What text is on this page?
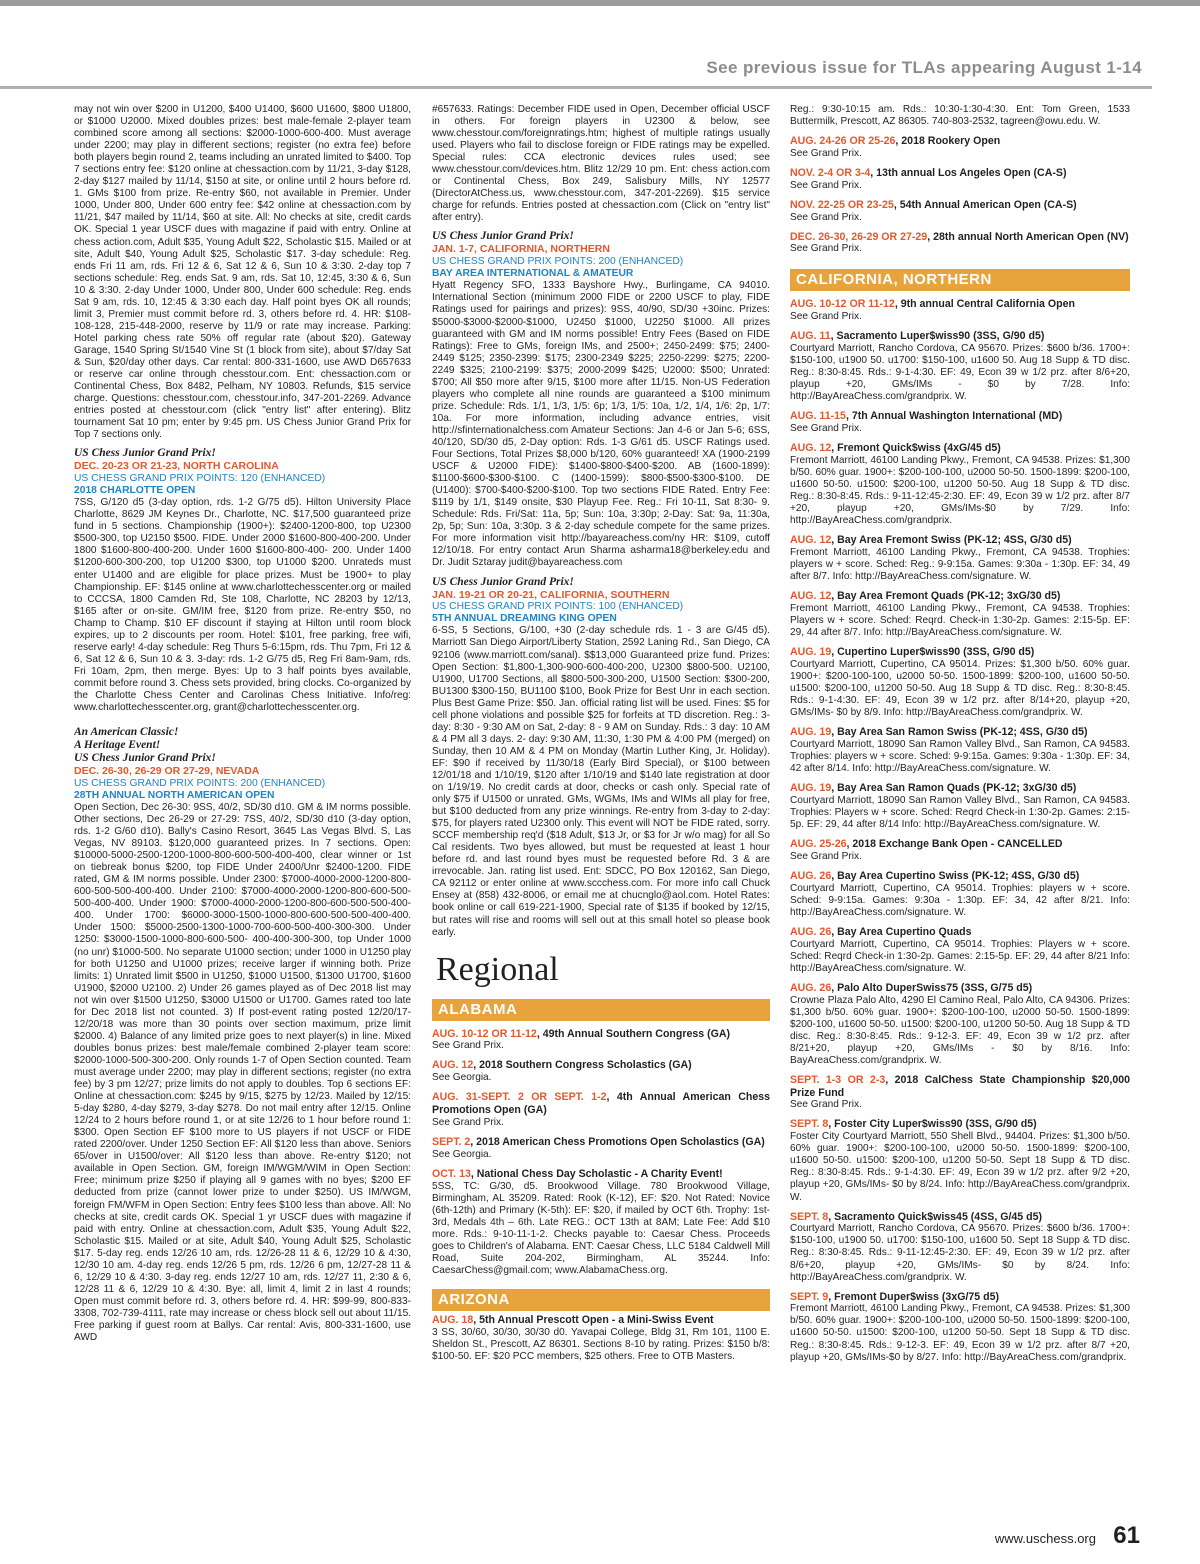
See previous issue for TLAs appearing August 1-14

may not win over $200 in U1200, $400 U1400, $600 U1600, $800 U1800, or $1000 U2000. Mixed doubles prizes: best male-female 2-player team combined score among all sections: $2000-1000-600-400. Must average under 2200; may play in different sections; register (no extra fee) before both players begin round 2, teams including an unrated limited to $400. Top 7 sections entry fee: $120 online at chessaction.com by 11/21, 3-day $128, 2-day $127 mailed by 11/14, $150 at site, or online until 2 hours before rd. 1. GMs $100 from prize. Re-entry $60, not available in Premier. Under 1000, Under 800, Under 600 entry fee: $42 online at chessaction.com by 11/21, $47 mailed by 11/14, $60 at site. All: No checks at site, credit cards OK. Special 1 year USCF dues with magazine if paid with entry. Online at chess action.com, Adult $35, Young Adult $22, Scholastic $15. Mailed or at site, Adult $40, Young Adult $25, Scholastic $17. 3-day schedule: Reg. ends Fri 11 am, rds. Fri 12 & 6, Sat 12 & 6, Sun 10 & 3:30. 2-day top 7 sections schedule: Reg. ends Sat. 9 am, rds. Sat 10, 12:45, 3:30 & 6, Sun 10 & 3:30. 2-day Under 1000, Under 800, Under 600 schedule: Reg. ends Sat 9 am, rds. 10, 12:45 & 3:30 each day. Half point byes OK all rounds; limit 3, Premier must commit before rd. 3, others before rd. 4. HR: $108-108-128, 215-448-2000, reserve by 11/9 or rate may increase. Parking: Hotel parking chess rate 50% off regular rate (about $20). Gateway Garage, 1540 Spring St/1540 Vine St (1 block from site), about $7/day Sat & Sun, $20/day other days. Car rental: 800-331-1600, use AWD D657633 or reserve car online through chesstour.com. Ent: chessaction.com or Continental Chess, Box 8482, Pelham, NY 10803. Refunds, $15 service charge. Questions: chesstour.com, chesstour.info, 347-201-2269. Advance entries posted at chesstour.com (click "entry list" after entering). Blitz tournament Sat 10 pm; enter by 9:45 pm. US Chess Junior Grand Prix for Top 7 sections only.

US Chess Junior Grand Prix!
DEC. 20-23 OR 21-23, NORTH CAROLINA
US CHESS GRAND PRIX POINTS: 120 (ENHANCED)
2018 CHARLOTTE OPEN

7SS, G/120 d5 (3-day option, rds. 1-2 G/75 d5). Hilton University Place Charlotte, 8629 JM Keynes Dr., Charlotte, NC. $17,500 guaranteed prize fund in 5 sections. Championship (1900+): $2400-1200-800, top U2300 $500-300, top U2150 $500. FIDE. Under 2000 $1600-800-400-200. Under 1800 $1600-800-400-200. Under 1600 $1600-800-400- 200. Under 1400 $1200-600-300-200, top U1200 $300, top U1000 $200. Unrateds must enter U1400 and are eligible for place prizes. Must be 1900+ to play Championship. EF: $145 online at www.charlottechesscenter.org or mailed to CCCSA, 1800 Camden Rd, Ste 108, Charlotte, NC 28203 by 12/13, $165 after or on-site. GM/IM free, $120 from prize. Re-entry $50, no Champ to Champ. $10 EF discount if staying at Hilton until room block expires, up to 2 discounts per room. Hotel: $101, free parking, free wifi, reserve early! 4-day schedule: Reg Thurs 5-6:15pm, rds. Thu 7pm, Fri 12 & 6, Sat 12 & 6, Sun 10 & 3. 3-day: rds. 1-2 G/75 d5, Reg Fri 8am-9am, rds. Fri 10am, 2pm, then merge. Byes: Up to 3 half points byes available, commit before round 3. Chess sets provided, bring clocks. Co-organized by the Charlotte Chess Center and Carolinas Chess Initiative. Info/reg: www.charlottechesscenter.org, grant@charlottechesscenter.org.

An American Classic!
A Heritage Event!
US Chess Junior Grand Prix!
DEC. 26-30, 26-29 OR 27-29, NEVADA
US CHESS GRAND PRIX POINTS: 200 (ENHANCED)
28TH ANNUAL NORTH AMERICAN OPEN

Open Section, Dec 26-30: 9SS, 40/2, SD/30 d10. GM & IM norms possible. Other sections, Dec 26-29 or 27-29: 7SS, 40/2, SD/30 d10 (3-day option, rds. 1-2 G/60 d10). Bally's Casino Resort, 3645 Las Vegas Blvd. S, Las Vegas, NV 89103. $120,000 guaranteed prizes. In 7 sections. Open: $10000-5000-2500-1200-1000-800-600-500-400-400, clear winner or 1st on tiebreak bonus $200, top FIDE Under 2400/Unr $2400-1200. FIDE rated, GM & IM norms possible. Under 2300: $7000-4000-2000-1200-800-600-500-500-400-400. Under 2100: $7000-4000-2000-1200-800-600-500-500-400-400. Under 1900: $7000-4000-2000-1200-800-600-500-500-400-400. Under 1700: $6000-3000-1500-1000-800-600-500-500-400-400. Under 1500: $5000-2500-1300-1000-700-600-500-400-300-300. Under 1250: $3000-1500-1000-800-600-500- 400-400-300-300, top Under 1000 (no unr) $1000-500. No separate U1000 section; under 1000 in U1250 play for both U1250 and U1000 prizes; receive larger if winning both. Prize limits: 1) Unrated limit $500 in U1250, $1000 U1500, $1300 U1700, $1600 U1900, $2000 U2100. 2) Under 26 games played as of Dec 2018 list may not win over $1500 U1250, $3000 U1500 or U1700. Games rated too late for Dec 2018 list not counted. 3) If post-event rating posted 12/20/17-12/20/18 was more than 30 points over section maximum, prize limit $2000. 4) Balance of any limited prize goes to next player(s) in line. Mixed doubles bonus prizes: best male/female combined 2-player team score: $2000-1000-500-300-200. Only rounds 1-7 of Open Section counted. Team must average under 2200; may play in different sections; register (no extra fee) by 3 pm 12/27; prize limits do not apply to doubles. Top 6 sections EF: Online at chessaction.com: $245 by 9/15, $275 by 12/23. Mailed by 12/15: 5-day $280, 4-day $279, 3-day $278. Do not mail entry after 12/15. Online 12/24 to 2 hours before round 1, or at site 12/26 to 1 hour before round 1: $300. Open Section EF $100 more to US players if not USCF or FIDE rated 2200/over. Under 1250 Section EF: All $120 less than above. Seniors 65/over in U1500/over: All $120 less than above. Re-entry $120; not available in Open Section. GM, foreign IM/WGM/WIM in Open Section: Free; minimum prize $250 if playing all 9 games with no byes; $200 EF deducted from prize (cannot lower prize to under $250). US IM/WGM, foreign FM/WFM in Open Section: Entry fees $100 less than above. All: No checks at site, credit cards OK. Special 1 yr USCF dues with magazine if paid with entry. Online at chessaction.com, Adult $35, Young Adult $22, Scholastic $15. Mailed or at site, Adult $40, Young Adult $25, Scholastic $17. 5-day reg. ends 12/26 10 am, rds. 12/26-28 11 & 6, 12/29 10 & 4:30, 12/30 10 am. 4-day reg. ends 12/26 5 pm, rds. 12/26 6 pm, 12/27-28 11 & 6, 12/29 10 & 4:30. 3-day reg. ends 12/27 10 am, rds. 12/27 11, 2:30 & 6, 12/28 11 & 6, 12/29 10 & 4:30. Bye: all, limit 4, limit 2 in last 4 rounds; Open must commit before rd. 3, others before rd. 4. HR: $99-99, 800-833-3308, 702-739-4111, rate may increase or chess block sell out about 11/15. Free parking if guest room at Ballys. Car rental: Avis, 800-331-1600, use AWD

#657633. Ratings: December FIDE used in Open, December official USCF in others. For foreign players in U2300 & below, see www.chesstour.com/foreignratings.htm; highest of multiple ratings usually used. Players who fail to disclose foreign or FIDE ratings may be expelled. Special rules: CCA electronic devices rules used; see www.chesstour.com/devices.htm. Blitz 12/29 10 pm. Ent: chess action.com or Continental Chess, Box 249, Salisbury Mills, NY 12577 (DirectorAtChess.us, www.chesstour.com, 347-201-2269). $15 service charge for refunds. Entries posted at chessaction.com (Click on "entry list" after entry).

US Chess Junior Grand Prix!
JAN. 1-7, CALIFORNIA, NORTHERN
US CHESS GRAND PRIX POINTS: 200 (ENHANCED)
BAY AREA INTERNATIONAL & AMATEUR

Hyatt Regency SFO, 1333 Bayshore Hwy., Burlingame, CA 94010. International Section (minimum 2000 FIDE or 2200 USCF to play, FIDE Ratings used for pairings and prizes): 9SS, 40/90, SD/30 +30inc. Prizes: $5000-$3000-$2000-$1000, U2450 $1000, U2250 $1000. All prizes guaranteed with GM and IM norms possible! Entry Fees (Based on FIDE Ratings): Free to GMs, foreign IMs, and 2500+; 2450-2499: $75; 2400- 2449 $125; 2350-2399: $175; 2300-2349 $225; 2250-2299: $275; 2200- 2249 $325; 2100-2199: $375; 2000-2099 $425; U2000: $500; Unrated: $700; All $50 more after 9/15, $100 more after 11/15. Non-US Federation players who complete all nine rounds are guaranteed a $100 minimum prize. Schedule: Rds. 1/1, 1/3, 1/5: 6p; 1/3, 1/5: 10a, 1/2, 1/4, 1/6: 2p, 1/7: 10a. For more information, including advance entries, visit http://sfinternationalchess.com Amateur Sections: Jan 4-6 or Jan 5-6; 6SS, 40/120, SD/30 d5, 2-Day option: Rds. 1-3 G/61 d5. USCF Ratings used. Four Sections, Total Prizes $8,000 b/120, 60% guaranteed! XA (1900-2199 USCF & U2000 FIDE): $1400-$800-$400-$200. AB (1600-1899): $1100-$600-$300-$100. C (1400-1599): $800-$500-$300-$100. DE (U1400): $700-$400-$200-$100. Top two sections FIDE Rated. Entry Fee: $119 by 1/1, $149 onsite, $30 Playup Fee. Reg.: Fri 10-11, Sat 8:30- 9. Schedule: Rds. Fri/Sat: 11a, 5p; Sun: 10a, 3:30p; 2-Day: Sat: 9a, 11:30a, 2p, 5p; Sun: 10a, 3:30p. 3 & 2-day schedule compete for the same prizes. For more information visit http://bayareachess.com/ny HR: $109, cutoff 12/10/18. For entry contact Arun Sharma asharma18@berkeley.edu and Dr. Judit Sztaray judit@bayareachess.com

US Chess Junior Grand Prix!
JAN. 19-21 OR 20-21, CALIFORNIA, SOUTHERN
US CHESS GRAND PRIX POINTS: 100 (ENHANCED)
5TH ANNUAL DREAMING KING OPEN

6-SS, 5 Sections, G/100, +30 (2-day schedule rds. 1 - 3 are G/45 d5). Marriott San Diego Airport/Liberty Station, 2592 Laning Rd., San Diego, CA 92106 (www.marriott.com/sanal). $$13,000 Guaranteed prize fund. Prizes: Open Section: $1,800-1,300-900-600-400-200, U2300 $800-500. U2100, U1900, U1700 Sections, all $800-500-300-200, U1500 Section: $300-200, BU1300 $300-150, BU1100 $100, Book Prize for Best Unr in each section. Plus Best Game Prize: $50. Jan. official rating list will be used. Fines: $5 for cell phone violations and possible $25 for forfeits at TD discretion. Reg.: 3-day: 8:30 - 9:30 AM on Sat, 2-day: 8 - 9 AM on Sunday. Rds.: 3 day: 10 AM & 4 PM all 3 days. 2- day: 9:30 AM, 11:30, 1:30 PM & 4:00 PM (merged) on Sunday, then 10 AM & 4 PM on Monday (Martin Luther King, Jr. Holiday). EF: $90 if received by 11/30/18 (Early Bird Special), or $100 between 12/01/18 and 1/10/19, $120 after 1/10/19 and $140 late registration at door on 1/19/19. No credit cards at door, checks or cash only. Special rate of only $75 if U1500 or unrated. GMs, WGMs, IMs and WIMs all play for free, but $100 deducted from any prize winnings. Re-entry from 3-day to 2-day: $75, for players rated U2300 only. This event will NOT be FIDE rated, sorry. SCCF membership req'd ($18 Adult, $13 Jr, or $3 for Jr w/o mag) for all So Cal residents. Two byes allowed, but must be requested at least 1 hour before rd. and last round byes must be requested before Rd. 3 & are irrevocable. Jan. rating list used. Ent: SDCC, PO Box 120162, San Diego, CA 92112 or enter online at www.sccchess.com. For more info call Chuck Ensey at (858) 432-8006, or email me at chucnglo@aol.com. Hotel Rates: book online or call 619-221-1900, Special rate of $135 if booked by 12/15, but rates will rise and rooms will sell out at this small hotel so please book early.

Regional
ALABAMA
AUG. 10-12 OR 11-12, 49th Annual Southern Congress (GA)
See Grand Prix.
AUG. 12, 2018 Southern Congress Scholastics (GA)
See Georgia.
AUG. 31-SEPT. 2 OR SEPT. 1-2, 4th Annual American Chess Promotions Open (GA)
See Grand Prix.
SEPT. 2, 2018 American Chess Promotions Open Scholastics (GA)
See Georgia.
OCT. 13, National Chess Day Scholastic - A Charity Event!
5SS, TC: G/30, d5. Brookwood Village. 780 Brookwood Village, Birmingham, AL 35209. Rated: Rook (K-12), EF: $20. Not Rated: Novice (6th-12th) and Primary (K-5th): EF: $20, if mailed by OCT 6th. Trophy: 1st-3rd, Medals 4th – 6th. Late REG.: OCT 13th at 8AM; Late Fee: Add $10 more. Rds.: 9-10-11-1-2. Checks payable to: Caesar Chess. Proceeds goes to Children's of Alabama. ENT: Caesar Chess, LLC 5184 Caldwell Mill Road, Suite 204-202, Birmingham, AL 35244. Info: CaesarChess@gmail.com; www.AlabamaChess.org.
ARIZONA
AUG. 18, 5th Annual Prescott Open - a Mini-Swiss Event
3 SS, 30/60, 30/30, 30/30 d0. Yavapai College, Bldg 31, Rm 101, 1100 E. Sheldon St., Prescott, AZ 86301. Sections 8-10 by rating. Prizes: $150 b/8: $100-50. EF: $20 PCC members, $25 others. Free to OTB Masters.

Reg.: 9:30-10:15 am. Rds.: 10:30-1:30-4:30. Ent: Tom Green, 1533 Buttermilk, Prescott, AZ 86305. 740-803-2532, tagreen@owu.edu. W.

AUG. 24-26 OR 25-26, 2018 Rookery Open
See Grand Prix.
NOV. 2-4 OR 3-4, 13th annual Los Angeles Open (CA-S)
See Grand Prix.
NOV. 22-25 OR 23-25, 54th Annual American Open (CA-S)
See Grand Prix.
DEC. 26-30, 26-29 OR 27-29, 28th annual North American Open (NV)
See Grand Prix.
CALIFORNIA, NORTHERN
AUG. 10-12 OR 11-12, 9th annual Central California Open
See Grand Prix.
AUG. 11, Sacramento Luper$wiss90 (3SS, G/90 d5)
Courtyard Marriott, Rancho Cordova, CA 95670. Prizes: $600 b/36. 1700+: $150-100, u1900 50. u1700: $150-100, u1600 50. Aug 18 Supp & TD disc. Reg.: 8:30-8:45. Rds.: 9-1-4:30. EF: 49, Econ 39 w 1/2 prz. after 8/6+20, playup +20, GMs/IMs - $0 by 7/28. Info: http://BayAreaChess.com/grandprix. W.
AUG. 11-15, 7th Annual Washington International (MD)
See Grand Prix.
AUG. 12, Fremont Quick$wiss (4xG/45 d5)
Fremont Marriott, 46100 Landing Pkwy., Fremont, CA 94538. Prizes: $1,300 b/50. 60% guar. 1900+: $200-100-100, u2000 50-50. 1500-1899: $200-100, u1600 50-50. u1500: $200-100, u1200 50-50. Aug 18 Supp & TD disc. Reg.: 8:30-8:45. Rds.: 9-11-12:45-2:30. EF: 49, Econ 39 w 1/2 prz. after 8/7 +20, playup +20, GMs/IMs-$0 by 7/29. Info: http://BayAreaChess.com/grandprix.
AUG. 12, Bay Area Fremont Swiss (PK-12; 4SS, G/30 d5)
Fremont Marriott, 46100 Landing Pkwy., Fremont, CA 94538. Trophies: players w + score. Sched: Reg.: 9-9:15a. Games: 9:30a - 1:30p. EF: 34, 49 after 8/7. Info: http://BayAreaChess.com/signature. W.
AUG. 12, Bay Area Fremont Quads (PK-12; 3xG/30 d5)
Fremont Marriott, 46100 Landing Pkwy., Fremont, CA 94538. Trophies: Players w + score. Sched: Reqrd. Check-in 1:30-2p. Games: 2:15-5p. EF: 29, 44 after 8/7. Info: http://BayAreaChess.com/signature. W.
AUG. 19, Cupertino Luper$wiss90 (3SS, G/90 d5)
Courtyard Marriott, Cupertino, CA 95014. Prizes: $1,300 b/50. 60% guar. 1900+: $200-100-100, u2000 50-50. 1500-1899: $200-100, u1600 50-50. u1500: $200-100, u1200 50-50. Aug 18 Supp & TD disc. Reg.: 8:30-8:45. Rds.: 9-1-4:30. EF: 49, Econ 39 w 1/2 prz. after 8/14+20, playup +20, GMs/IMs- $0 by 8/9. Info: http://BayAreaChess.com/grandprix. W.
AUG. 19, Bay Area San Ramon Swiss (PK-12; 4SS, G/30 d5)
Courtyard Marriott, 18090 San Ramon Valley Blvd., San Ramon, CA 94583. Trophies: players w + score. Sched: 9-9:15a. Games: 9:30a - 1:30p. EF: 34, 42 after 8/14. Info: http://BayAreaChess.com/signature. W.
AUG. 19, Bay Area San Ramon Quads (PK-12; 3xG/30 d5)
Courtyard Marriott, 18090 San Ramon Valley Blvd., San Ramon, CA 94583. Trophies: Players w + score. Sched: Reqrd Check-in 1:30-2p. Games: 2:15-5p. EF: 29, 44 after 8/14 Info: http://BayAreaChess.com/signature. W.
AUG. 25-26, 2018 Exchange Bank Open - CANCELLED
See Grand Prix.
AUG. 26, Bay Area Cupertino Swiss (PK-12; 4SS, G/30 d5)
Courtyard Marriott, Cupertino, CA 95014. Trophies: players w + score. Sched: 9-9:15a. Games: 9:30a - 1:30p. EF: 34, 42 after 8/21. Info: http://BayAreaChess.com/signature. W.
AUG. 26, Bay Area Cupertino Quads
Courtyard Marriott, Cupertino, CA 95014. Trophies: Players w + score. Sched: Reqrd Check-in 1:30-2p. Games: 2:15-5p. EF: 29, 44 after 8/21 Info: http://BayAreaChess.com/signature. W.
AUG. 26, Palo Alto DuperSwiss75 (3SS, G/75 d5)
Crowne Plaza Palo Alto, 4290 El Camino Real, Palo Alto, CA 94306. Prizes: $1,300 b/50. 60% guar. 1900+: $200-100-100, u2000 50-50. 1500-1899: $200-100, u1600 50-50. u1500: $200-100, u1200 50-50. Aug 18 Supp & TD disc. Reg.: 8:30-8:45. Rds.: 9-12-3. EF: 49, Econ 39 w 1/2 prz. after 8/21+20, playup +20, GMs/IMs - $0 by 8/16. Info: BayAreaChess.com/grandprix. W.
SEPT. 1-3 OR 2-3, 2018 CalChess State Championship $20,000 Prize Fund
See Grand Prix.
SEPT. 8, Foster City Luper$wiss90 (3SS, G/90 d5)
Foster City Courtyard Marriott, 550 Shell Blvd., 94404. Prizes: $1,300 b/50. 60% guar. 1900+: $200-100-100, u2000 50-50. 1500-1899: $200-100, u1600 50-50. u1500: $200-100, u1200 50-50. Sept 18 Supp & TD disc. Reg.: 8:30-8:45. Rds.: 9-1-4:30. EF: 49, Econ 39 w 1/2 prz. after 9/2 +20, playup +20, GMs/IMs- $0 by 8/24. Info: http://BayAreaChess.com/grandprix. W.
SEPT. 8, Sacramento Quick$wiss45 (4SS, G/45 d5)
Courtyard Marriott, Rancho Cordova, CA 95670. Prizes: $600 b/36. 1700+: $150-100, u1900 50. u1700: $150-100, u1600 50. Sept 18 Supp & TD disc. Reg.: 8:30-8:45. Rds.: 9-11-12:45-2:30. EF: 49, Econ 39 w 1/2 prz. after 8/6+20, playup +20, GMs/IMs- $0 by 8/24. Info: http://BayAreaChess.com/grandprix. W.
SEPT. 9, Fremont Duper$wiss (3xG/75 d5)
Fremont Marriott, 46100 Landing Pkwy., Fremont, CA 94538. Prizes: $1,300 b/50. 60% guar. 1900+: $200-100-100, u2000 50-50. 1500-1899: $200-100, u1600 50-50. u1500: $200-100, u1200 50-50. Sept 18 Supp & TD disc. Reg.: 8:30-8:45. Rds.: 9-12-3. EF: 49, Econ 39 w 1/2 prz. after 8/7 +20, playup +20, GMs/IMs-$0 by 8/27. Info: http://BayAreaChess.com/grandprix.
www.uschess.org 61
